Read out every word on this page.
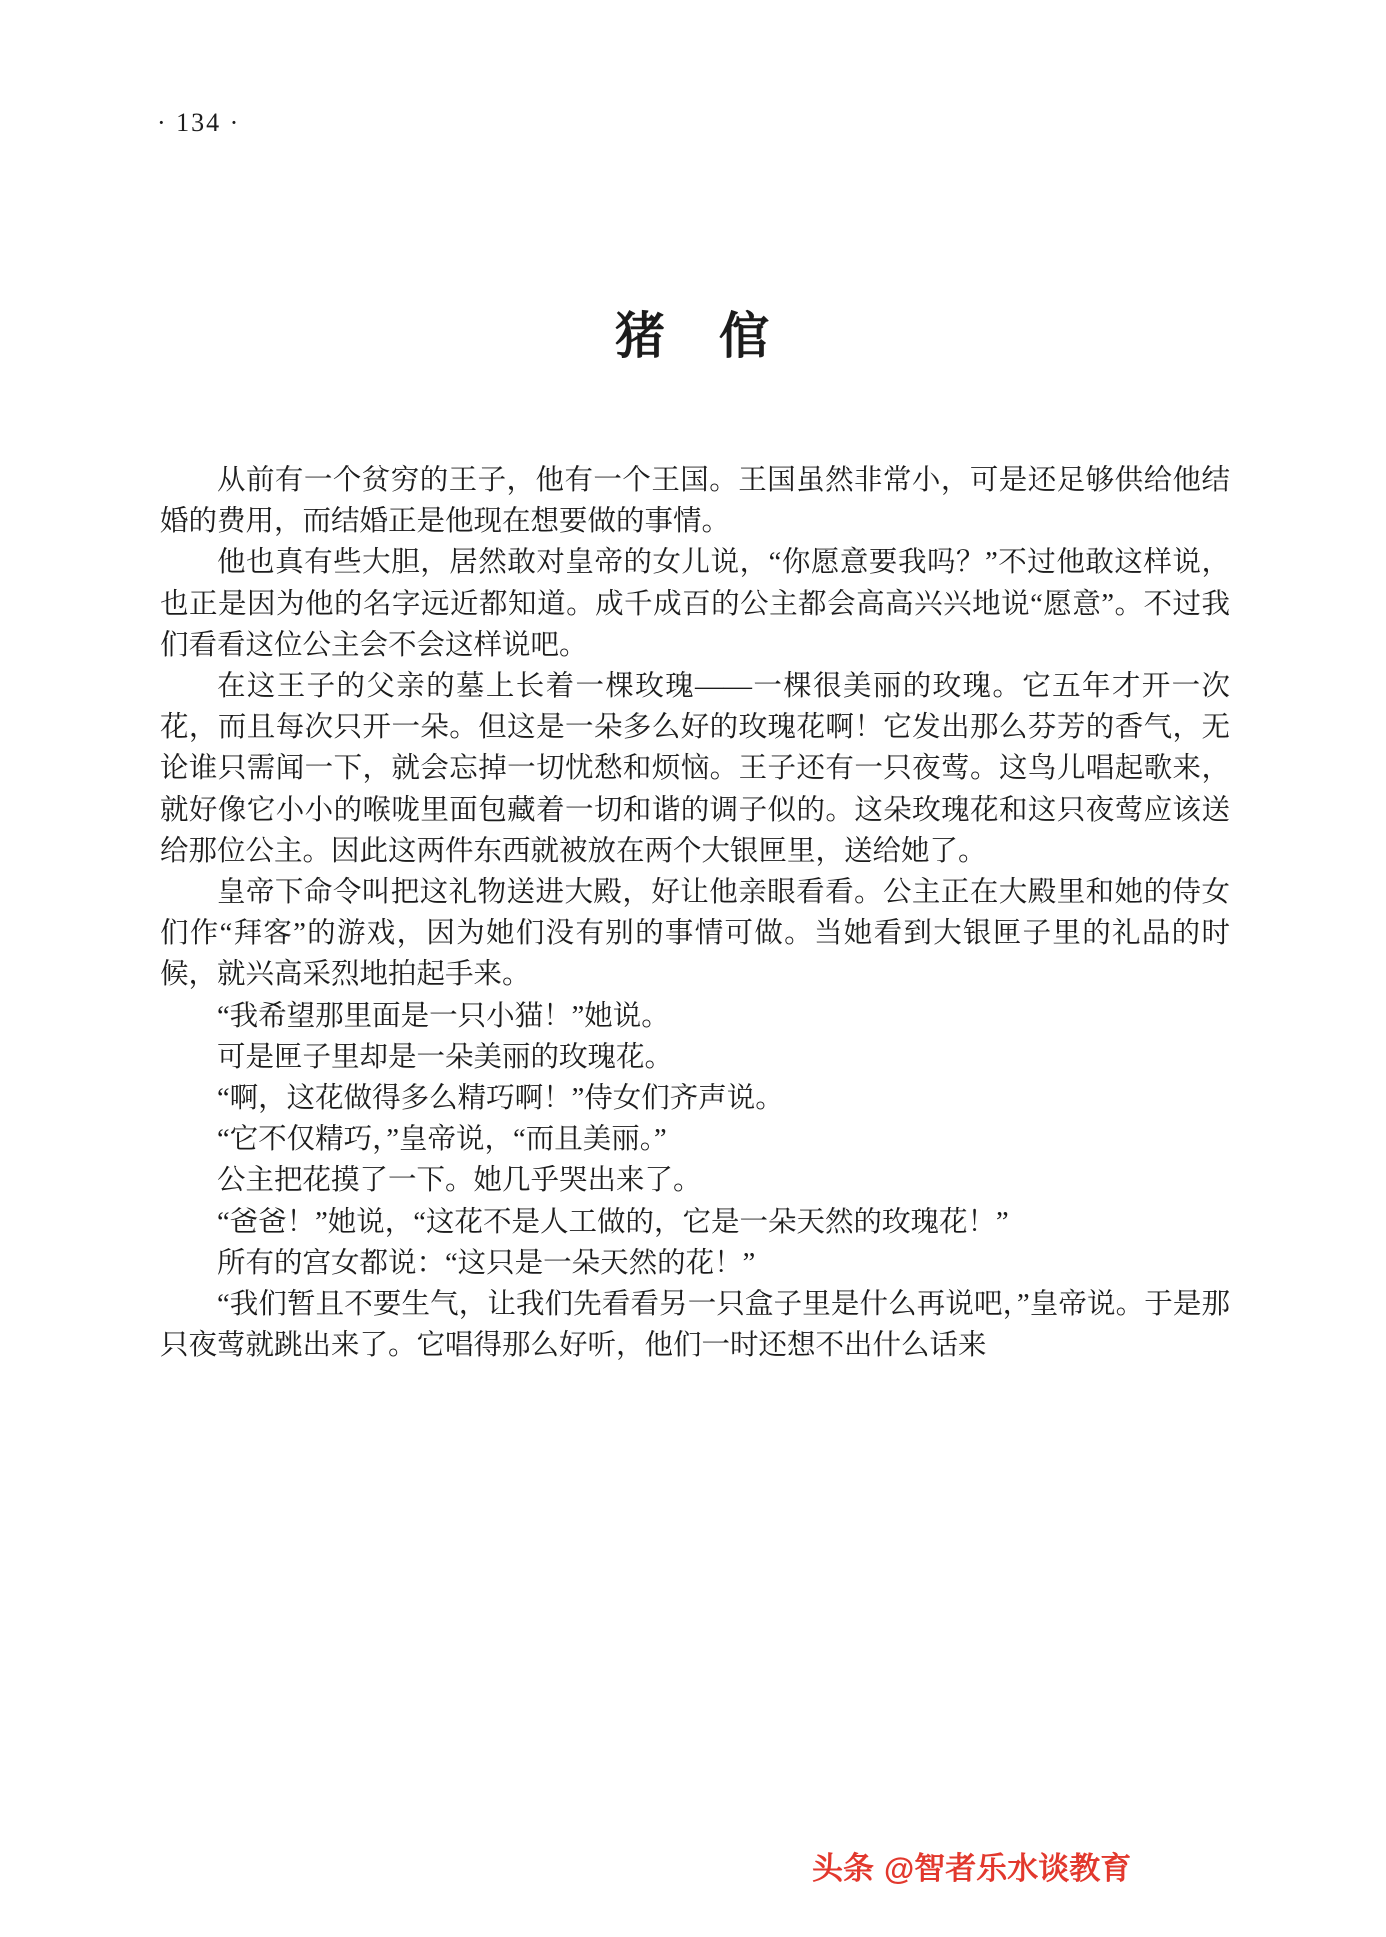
· 134 ·
猪　倌

从前有一个贫穷的王子，他有一个王国。王国虽然非常小，可是还足够供给他结婚的费用，而结婚正是他现在想要做的事情。

他也真有些大胆，居然敢对皇帝的女儿说，“你愿意要我吗？”不过他敢这样说，也正是因为他的名字远近都知道。成千成百的公主都会高高兴兴地说“愿意”。不过我们看看这位公主会不会这样说吧。

在这王子的父亲的墓上长着一棵玫瑰——一棵很美丽的玫瑰。它五年才开一次花，而且每次只开一朵。但这是一朵多么好的玫瑰花啊！它发出那么芬芳的香气，无论谁只需闻一下，就会忘掉一切忧愁和烦恼。王子还有一只夜莺。这鸟儿唱起歌来，就好像它小小的喉咙里面包藏着一切和谐的调子似的。这朵玫瑰花和这只夜莺应该送给那位公主。因此这两件东西就被放在两个大银匣里，送给她了。

皇帝下命令叫把这礼物送进大殿，好让他亲眼看看。公主正在大殿里和她的侍女们作“拜客”的游戏，因为她们没有别的事情可做。当她看到大银匣子里的礼品的时候，就兴高采烈地拍起手来。

“我希望那里面是一只小猫！”她说。

可是匣子里却是一朵美丽的玫瑰花。

“啊，这花做得多么精巧啊！”侍女们齐声说。

“它不仅精巧，”皇帝说，“而且美丽。”

公主把花摸了一下。她几乎哭出来了。

“爸爸！”她说，“这花不是人工做的，它是一朵天然的玫瑰花！”

所有的宫女都说：“这只是一朵天然的花！”

“我们暂且不要生气，让我们先看看另一只盒子里是什么再说吧，”皇帝说。于是那只夜莺就跳出来了。它唱得那么好听，他们一时还想不出什么话来

头条 @智者乐水谈教育
